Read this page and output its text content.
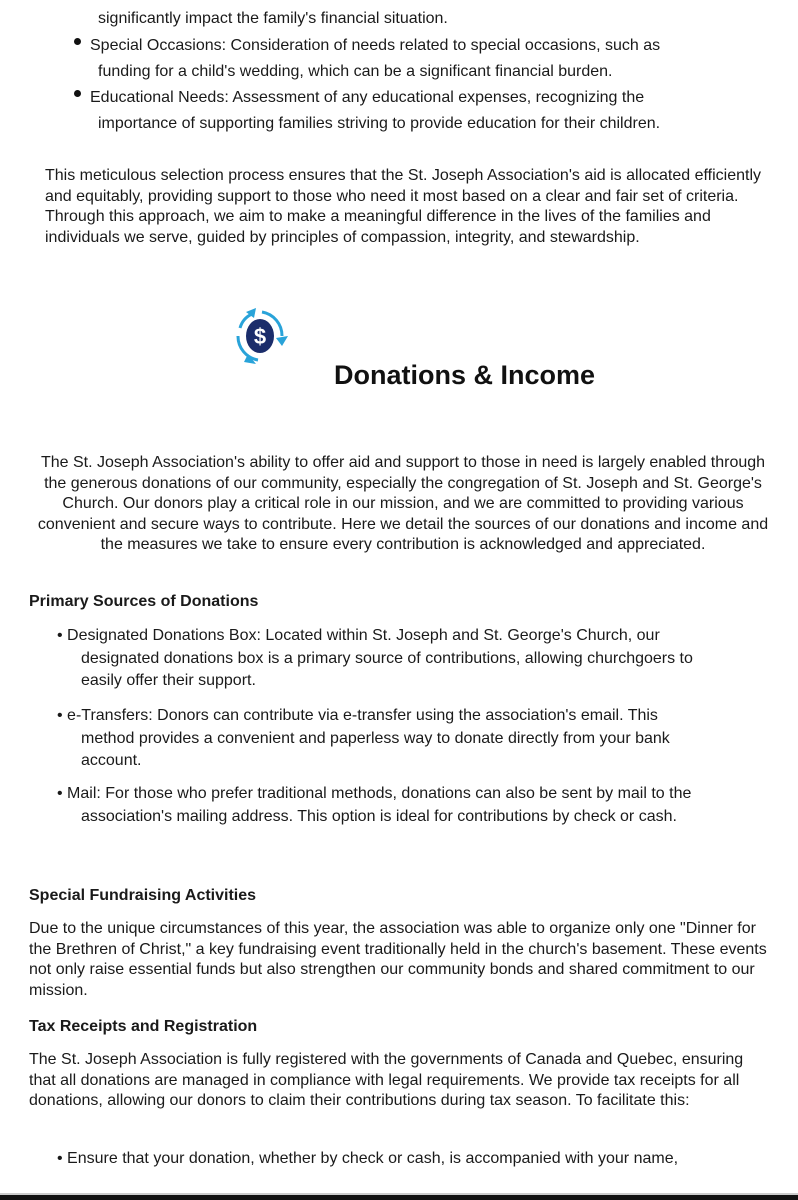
significantly impact the family's financial situation.
Special Occasions: Consideration of needs related to special occasions, such as
funding for a child's wedding, which can be a significant financial burden.
Educational Needs: Assessment of any educational expenses, recognizing the
importance of supporting families striving to provide education for their children.
This meticulous selection process ensures that the St. Joseph Association's aid is allocated efficiently and equitably, providing support to those who need it most based on a clear and fair set of criteria. Through this approach, we aim to make a meaningful difference in the lives of the families and individuals we serve, guided by principles of compassion, integrity, and stewardship.
$
Donations & Income
The St. Joseph Association's ability to offer aid and support to those in need is largely enabled through the generous donations of our community, especially the congregation of St. Joseph and St. George's Church. Our donors play a critical role in our mission, and we are committed to providing various convenient and secure ways to contribute. Here we detail the sources of our donations and income and the measures we take to ensure every contribution is acknowledged and appreciated.
Primary Sources of Donations
• Designated Donations Box: Located within St. Joseph and St. George's Church, our
designated donations box is a primary source of contributions, allowing churchgoers to
easily offer their support.
• e-Transfers: Donors can contribute via e-transfer using the association's email. This
method provides a convenient and paperless way to donate directly from your bank
account.
• Mail: For those who prefer traditional methods, donations can also be sent by mail to the
association's mailing address. This option is ideal for contributions by check or cash.
Special Fundraising Activities
Due to the unique circumstances of this year, the association was able to organize only one "Dinner for the Brethren of Christ," a key fundraising event traditionally held in the church's basement. These events not only raise essential funds but also strengthen our community bonds and shared commitment to our mission.
Tax Receipts and Registration
The St. Joseph Association is fully registered with the governments of Canada and Quebec, ensuring that all donations are managed in compliance with legal requirements. We provide tax receipts for all donations, allowing our donors to claim their contributions during tax season. To facilitate this:
• Ensure that your donation, whether by check or cash, is accompanied with your name,
